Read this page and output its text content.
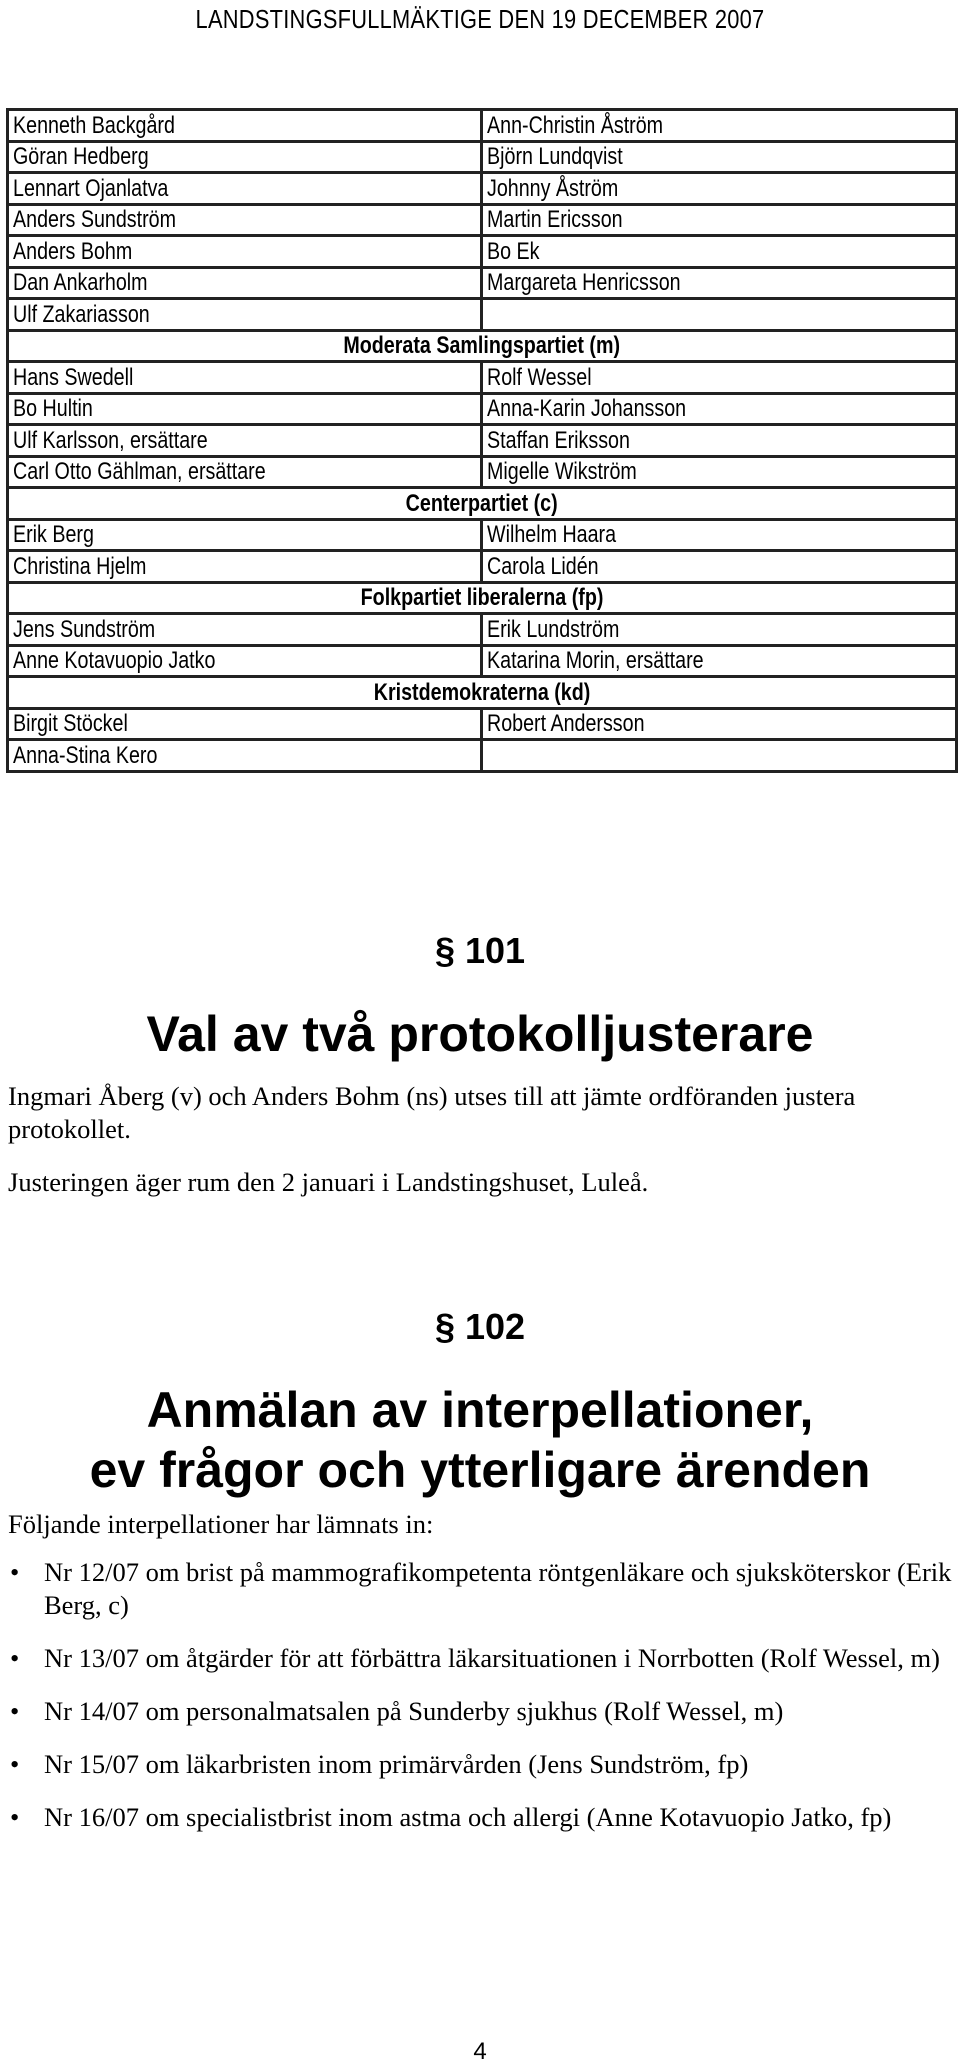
LANDSTINGSFULLMÄKTIGE DEN 19 DECEMBER 2007
Kenneth Backgård	Ann-Christin Åström
Göran Hedberg	Björn Lundqvist
Lennart Ojanlatva	Johnny Åström
Anders Sundström	Martin Ericsson
Anders Bohm	Bo Ek
Dan Ankarholm	Margareta Henricsson
Ulf Zakariasson	
Moderata Samlingspartiet (m)	
Hans Swedell	Rolf Wessel
Bo Hultin	Anna-Karin Johansson
Ulf Karlsson, ersättare	Staffan Eriksson
Carl Otto Gählman, ersättare	Migelle Wikström
Centerpartiet (c)	
Erik Berg	Wilhelm Haara
Christina Hjelm	Carola Lidén
Folkpartiet liberalerna (fp)	
Jens Sundström	Erik Lundström
Anne Kotavuopio Jatko	Katarina Morin, ersättare
Kristdemokraterna (kd)	
Birgit Stöckel	Robert Andersson
Anna-Stina Kero	
§ 101
Val av två protokolljusterare
Ingmari Åberg (v) och Anders Bohm (ns) utses till att jämte ordföranden justera protokollet.
Justeringen äger rum den 2 januari i Landstingshuset, Luleå.
§ 102
Anmälan av interpellationer,
ev frågor och ytterligare ärenden
Följande interpellationer har lämnats in:
• Nr 12/07 om brist på mammografikompetenta röntgenläkare och sjuksköterskor (Erik Berg, c)
• Nr 13/07 om åtgärder för att förbättra läkarsituationen i Norrbotten (Rolf Wessel, m)
• Nr 14/07 om personalmatsalen på Sunderby sjukhus (Rolf Wessel, m)
• Nr 15/07 om läkarbristen inom primärvården (Jens Sundström, fp)
• Nr 16/07 om specialistbrist inom astma och allergi (Anne Kotavuopio Jatko, fp)
4
